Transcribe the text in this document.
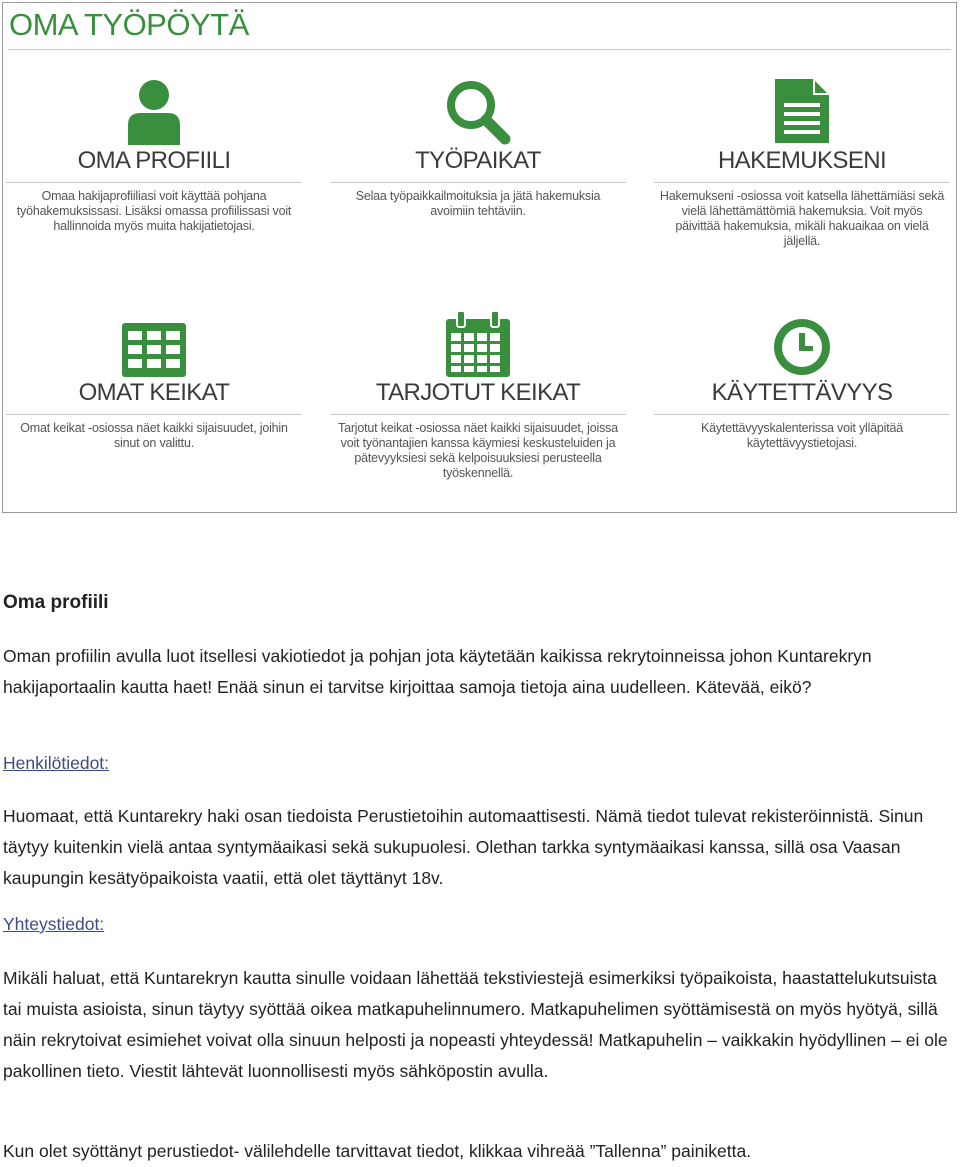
OMA TYÖPÖYTÄ
OMA PROFIILI

Omaa hakijaprofiiliasi voit käyttää pohjana työhakemuksissasi. Lisäksi omassa profiilissasi voit hallinnoida myös muita hakijatietojasi.

TYÖPAIKAT

Selaa työpaikkailmoituksia ja jätä hakemuksia avoimiin tehtäviin.

HAKEMUKSENI

Hakemukseni -osiossa voit katsella lähettämiäsi sekä vielä lähettämättömiä hakemuksia. Voit myös päivittää hakemuksia, mikäli hakuaikaa on vielä jäljellä.

OMAT KEIKAT

Omat keikat -osiossa näet kaikki sijaisuudet, joihin sinut on valittu.

TARJOTUT KEIKAT

Tarjotut keikat -osiossa näet kaikki sijaisuudet, joissa voit työnantajien kanssa käymiesi keskusteluiden ja pätevyyksiesi sekä kelpoisuuksiesi perusteella työskennellä.

KÄYTETTÄVYYS

Käytettävyyskalenterissa voit ylläpitää käytettävyystietojasi.

Oma profiili

Oman profiilin avulla luot itsellesi vakiotiedot ja pohjan jota käytetään kaikissa rekrytoinneissa johon Kuntarekryn hakijaportaalin kautta haet! Enää sinun ei tarvitse kirjoittaa samoja tietoja aina uudelleen. Kätevää, eikö?

Henkilötiedot:

Huomaat, että Kuntarekry haki osan tiedoista Perustietoihin automaattisesti. Nämä tiedot tulevat rekisteröinnistä. Sinun täytyy kuitenkin vielä antaa syntymäaikasi sekä sukupuolesi. Olethan tarkka syntymäaikasi kanssa, sillä osa Vaasan kaupungin kesätyöpaikoista vaatii, että olet täyttänyt 18v.

Yhteystiedot:

Mikäli haluat, että Kuntarekryn kautta sinulle voidaan lähettää tekstiviestejä esimerkiksi työpaikoista, haastattelukutsuista tai muista asioista, sinun täytyy syöttää oikea matkapuhelinnumero. Matkapuhelimen syöttämisestä on myös hyötyä, sillä näin rekrytoivat esimiehet voivat olla sinuun helposti ja nopeasti yhteydessä! Matkapuhelin – vaikkakin hyödyllinen – ei ole pakollinen tieto. Viestit lähtevät luonnollisesti myös sähköpostin avulla.

Kun olet syöttänyt perustiedot- välilehdelle tarvittavat tiedot, klikkaa vihreää ”Tallenna” painiketta.
